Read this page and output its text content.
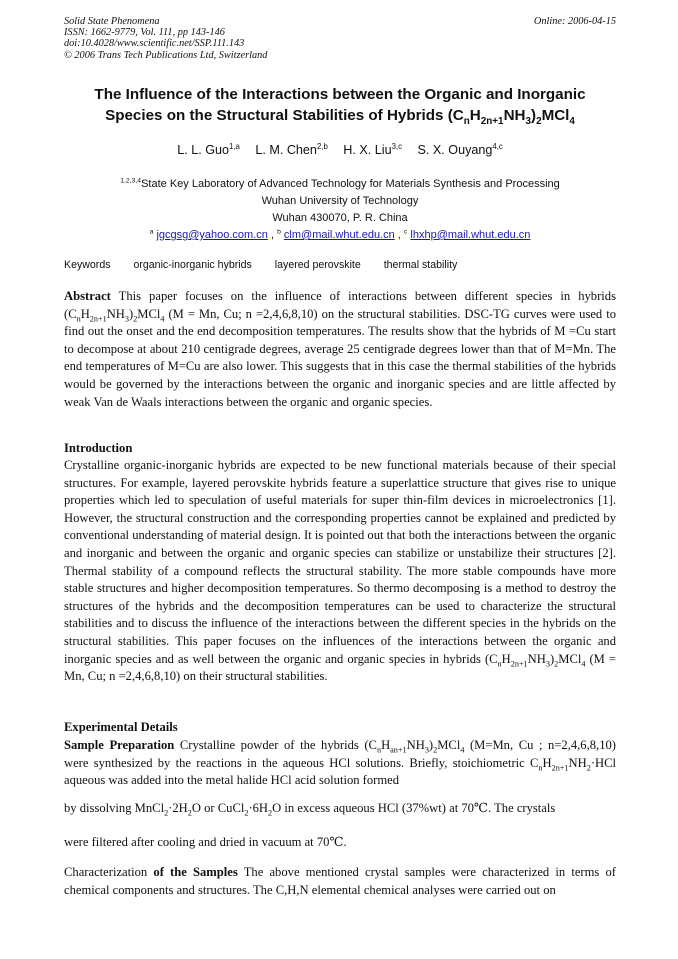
Solid State Phenomena
ISSN: 1662-9779, Vol. 111, pp 143-146
doi:10.4028/www.scientific.net/SSP.111.143
© 2006 Trans Tech Publications Ltd, Switzerland
Online: 2006-04-15
The Influence of the Interactions between the Organic and Inorganic
Species on the Structural Stabilities of Hybrids $(C_nH_{2n+1}NH_3)_2MCl_4$
L. L. Guo$^{1,a}$ L. M. Chen$^{2,b}$ H. X. Liu$^{3,c}$ S. X. Ouyang$^{4,c}$
$^{1,2,3,4}$State Key Laboratory of Advanced Technology for Materials Synthesis and Processing
Wuhan University of Technology
Wuhan 430070, P. R. China
$^a$ jgcgsg@yahoo.com.cn , $^b$ clm@mail.whut.edu.cn , $^c$ lhxhp@mail.whut.edu.cn
Keywords organic-inorganic hybrids layered perovskite thermal stability
Abstract This paper focuses on the influence of interactions between different species in hybrids $(C_nH_{2n+1}NH_3)_2MCl_4$ (M = Mn, Cu; n =2,4,6,8,10) on the structural stabilities. DSC-TG curves were used to find out the onset and the end decomposition temperatures. The results show that the hybrids of M =Cu start to decompose at about 210 centigrade degrees, average 25 centigrade degrees lower than that of M=Mn. The end temperatures of M=Cu are also lower. This suggests that in this case the thermal stabilities of the hybrids would be governed by the interactions between the organic and inorganic species and are little affected by weak Van de Waals interactions between the organic and organic species.
Introduction
Crystalline organic-inorganic hybrids are expected to be new functional materials because of their special structures. For example, layered perovskite hybrids feature a superlattice structure that gives rise to unique properties which led to speculation of useful materials for super thin-film devices in microelectronics [1]. However, the structural construction and the corresponding properties cannot be explained and predicted by conventional understanding of material design. It is pointed out that both the interactions between the organic and inorganic and between the organic and organic species can stabilize or unstabilize their structures [2]. Thermal stability of a compound reflects the structural stability. The more stable compounds have more stable structures and higher decomposition temperatures. So thermo decomposing is a method to destroy the structures of the hybrids and the decomposition temperatures can be used to characterize the structural stabilities and to discuss the influence of the interactions between the different species in the hybrids on the structural stabilities. This paper focuses on the influences of the interactions between the organic and inorganic species and as well between the organic and organic species in hybrids $(C_nH_{2n+1}NH_3)_2MCl_4$ (M = Mn, Cu; n =2,4,6,8,10) on their structural stabilities.
Experimental Details
Sample Preparation Crystalline powder of the hybrids $(C_nH_{an+1}NH_3)_2MCl_4$ (M=Mn, Cu ; n=2,4,6,8,10) were synthesized by the reactions in the aqueous HCl solutions. Briefly, stoichiometric $C_nH_{2n+1}NH_2\cdot HCl$ aqueous was added into the metal halide HCl acid solution formed
by dissolving $MnCl_2\cdot 2H_2O$ or $CuCl_2\cdot 6H_2O$ in excess aqueous HCl (37%wt) at 70℃. The crystals
were filtered after cooling and dried in vacuum at 70℃.
Characterization of the Samples The above mentioned crystal samples were characterized in terms of chemical components and structures. The C,H,N elemental chemical analyses were carried out on
